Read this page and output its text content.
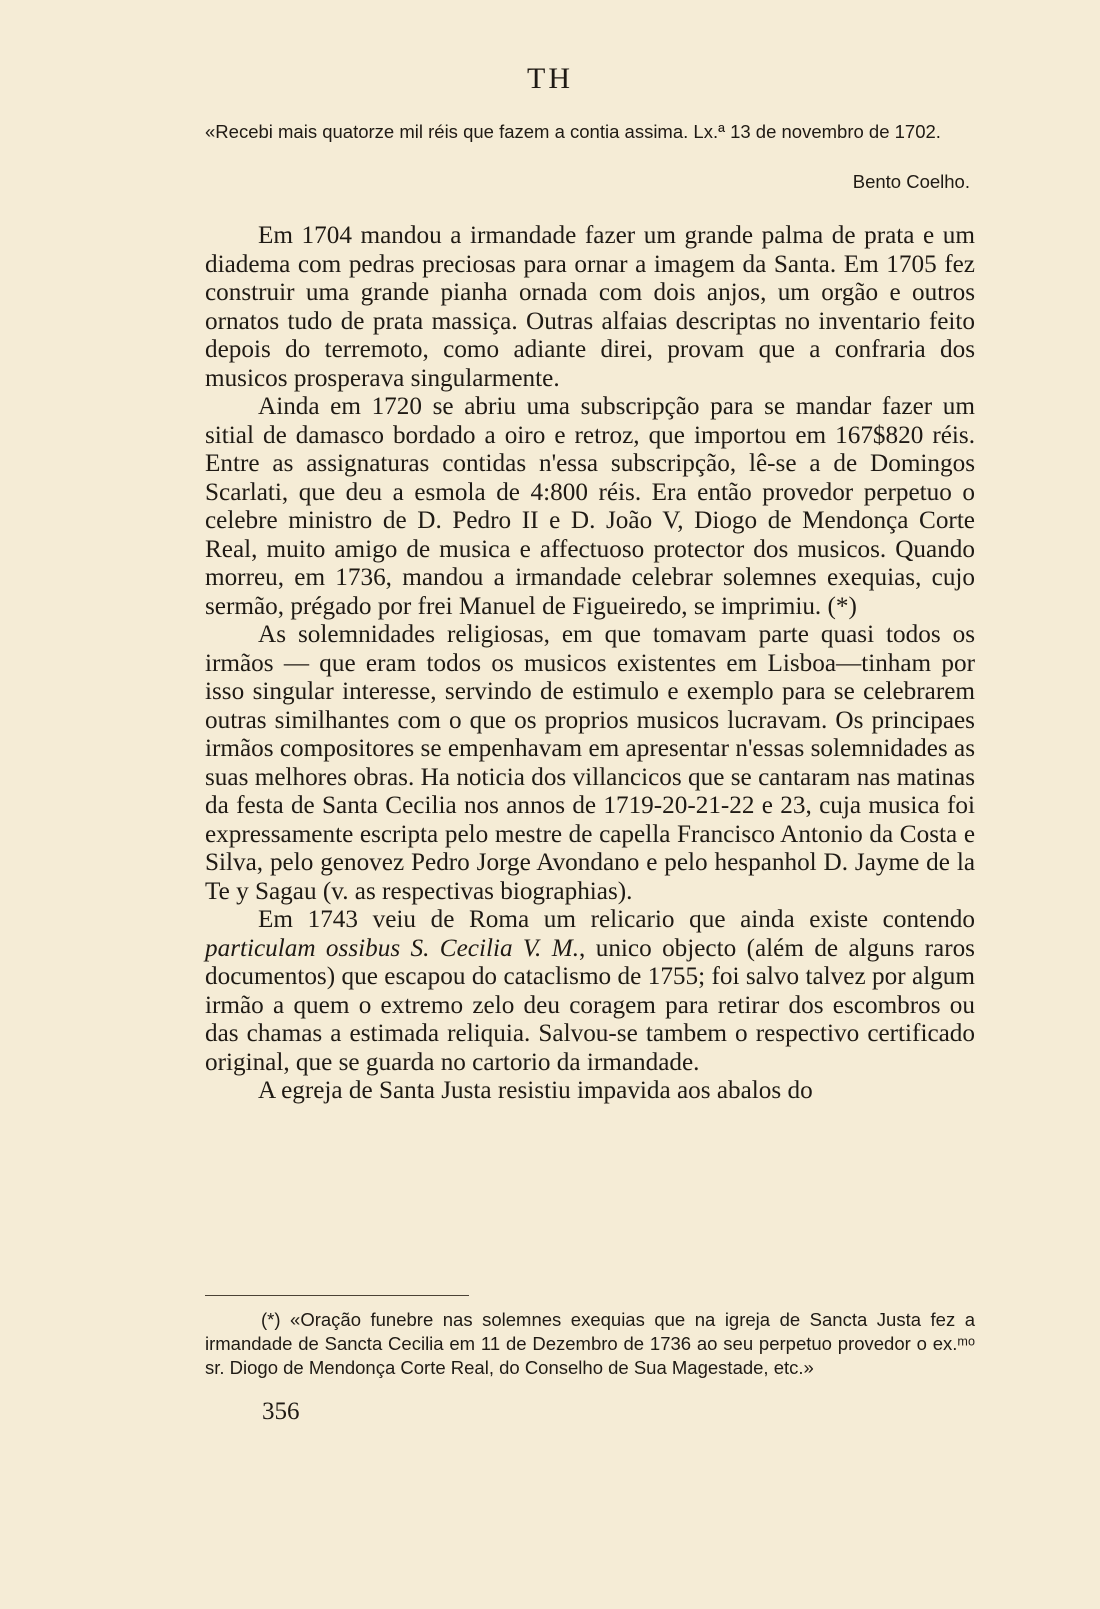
TH
«Recebi mais quatorze mil réis que fazem a contia assima. Lx.ª 13 de novembro de 1702.
Bento Coelho.

Em 1704 mandou a irmandade fazer um grande palma de prata e um diadema com pedras preciosas para ornar a imagem da Santa. Em 1705 fez construir uma grande pianha ornada com dois anjos, um orgão e outros ornatos tudo de prata massiça. Outras alfaias descriptas no inventario feito depois do terremoto, como adiante direi, provam que a confraria dos musicos prosperava singularmente.

Ainda em 1720 se abriu uma subscripção para se mandar fazer um sitial de damasco bordado a oiro e retroz, que importou em 167$820 réis. Entre as assignaturas contidas n'essa subscripção, lê-se a de Domingos Scarlati, que deu a esmola de 4:800 réis. Era então provedor perpetuo o celebre ministro de D. Pedro II e D. João V, Diogo de Mendonça Corte Real, muito amigo de musica e affectuoso protector dos musicos. Quando morreu, em 1736, mandou a irmandade celebrar solemnes exequias, cujo sermão, prégado por frei Manuel de Figueiredo, se imprimiu. (*)

As solemnidades religiosas, em que tomavam parte quasi todos os irmãos — que eram todos os musicos existentes em Lisboa—tinham por isso singular interesse, servindo de estimulo e exemplo para se celebrarem outras similhantes com o que os proprios musicos lucravam. Os principaes irmãos compositores se empenhavam em apresentar n'essas solemnidades as suas melhores obras. Ha noticia dos villancicos que se cantaram nas matinas da festa de Santa Cecilia nos annos de 1719-20-21-22 e 23, cuja musica foi expressamente escripta pelo mestre de capella Francisco Antonio da Costa e Silva, pelo genovez Pedro Jorge Avondano e pelo hespanhol D. Jayme de la Te y Sagau (v. as respectivas biographias).

Em 1743 veiu de Roma um relicario que ainda existe contendo particulam ossibus S. Cecilia V. M., unico objecto (além de alguns raros documentos) que escapou do cataclismo de 1755; foi salvo talvez por algum irmão a quem o extremo zelo deu coragem para retirar dos escombros ou das chamas a estimada reliquia. Salvou-se tambem o respectivo certificado original, que se guarda no cartorio da irmandade.

A egreja de Santa Justa resistiu impavida aos abalos do

(*) «Oração funebre nas solemnes exequias que na igreja de Sancta Justa fez a irmandade de Sancta Cecilia em 11 de Dezembro de 1736 ao seu perpetuo provedor o ex.ᵐᵒ sr. Diogo de Mendonça Corte Real, do Conselho de Sua Magestade, etc.»
356
